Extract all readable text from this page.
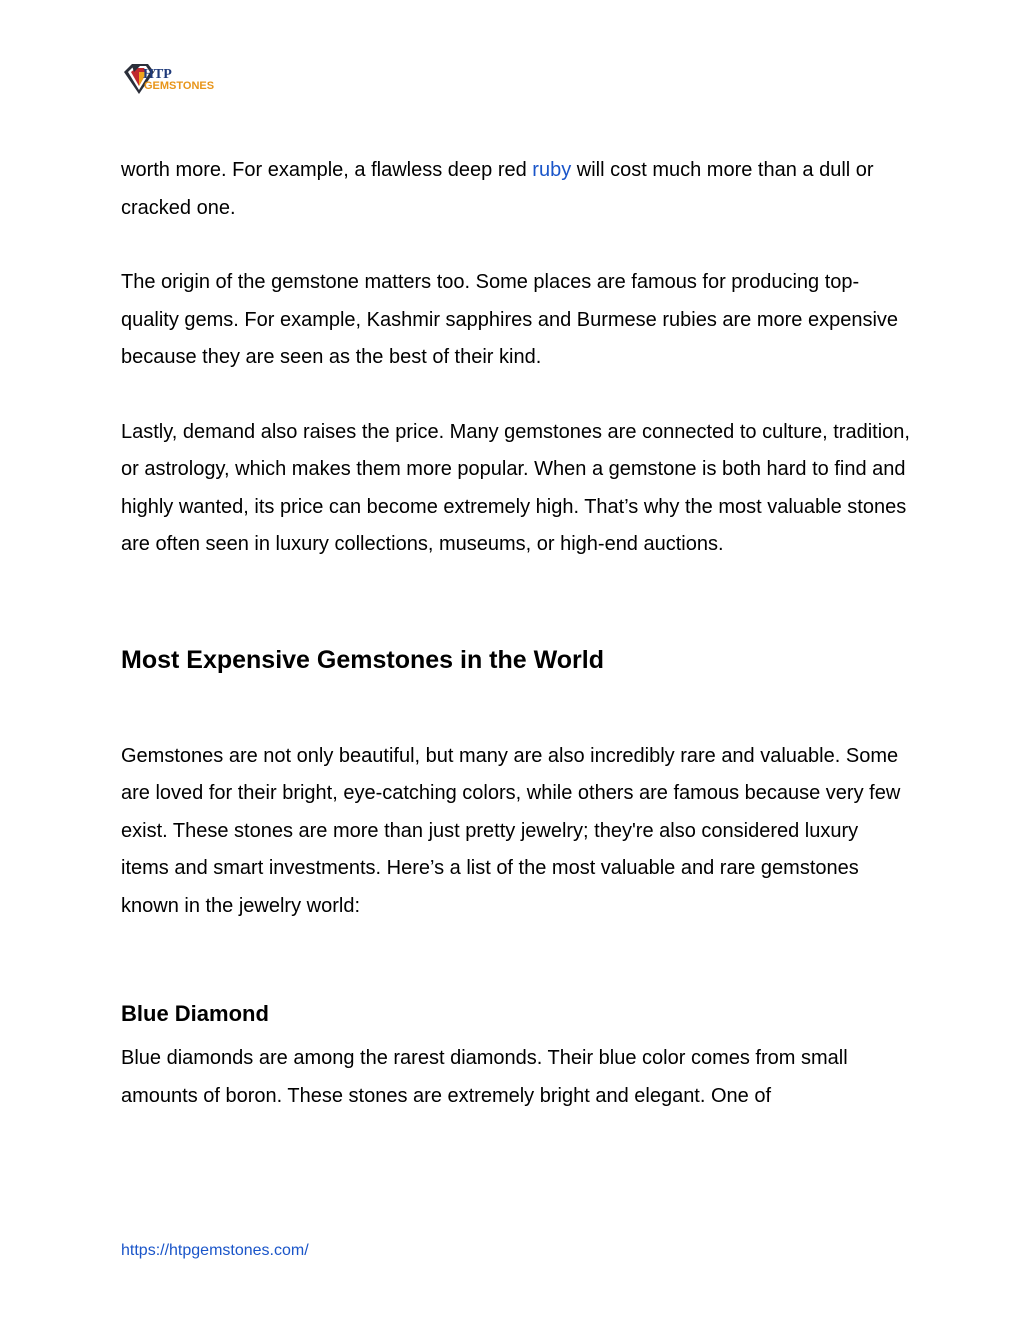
HTP
GEMSTONES

worth more. For example, a flawless deep red ruby will cost much more than a dull or cracked one.

The origin of the gemstone matters too. Some places are famous for producing top-quality gems. For example, Kashmir sapphires and Burmese rubies are more expensive because they are seen as the best of their kind.

Lastly, demand also raises the price. Many gemstones are connected to culture, tradition, or astrology, which makes them more popular. When a gemstone is both hard to find and highly wanted, its price can become extremely high. That’s why the most valuable stones are often seen in luxury collections, museums, or high-end auctions.

Most Expensive Gemstones in the World

Gemstones are not only beautiful, but many are also incredibly rare and valuable. Some are loved for their bright, eye-catching colors, while others are famous because very few exist. These stones are more than just pretty jewelry; they're also considered luxury items and smart investments. Here’s a list of the most valuable and rare gemstones known in the jewelry world:

Blue Diamond

Blue diamonds are among the rarest diamonds. Their blue color comes from small amounts of boron. These stones are extremely bright and elegant. One of

https://htpgemstones.com/
